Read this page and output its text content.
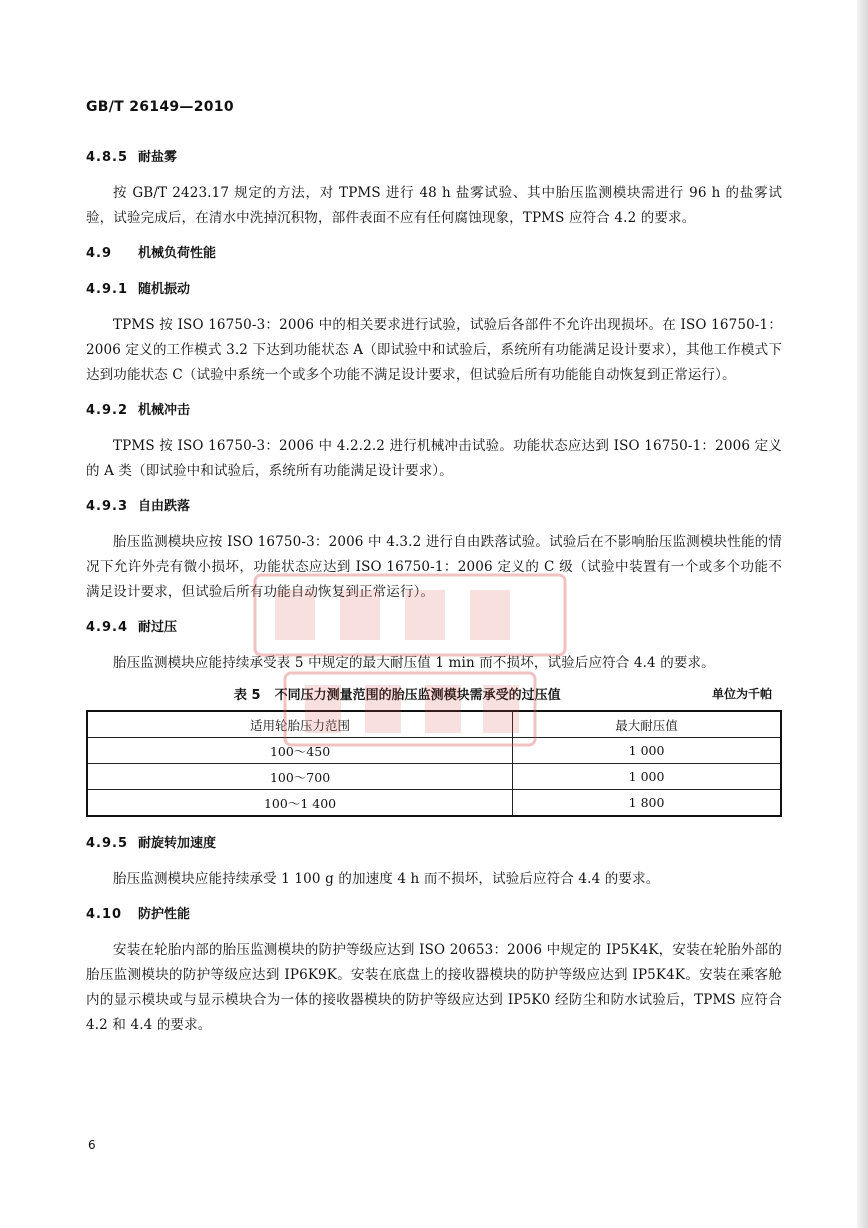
GB/T 26149—2010
4.8.5 耐盐雾

按 GB/T 2423.17 规定的方法，对 TPMS 进行 48 h 盐雾试验、其中胎压监测模块需进行 96 h 的盐雾试验，试验完成后，在清水中洗掉沉积物，部件表面不应有任何腐蚀现象，TPMS 应符合 4.2 的要求。

4.9 机械负荷性能
4.9.1 随机振动

TPMS 按 ISO 16750-3：2006 中的相关要求进行试验，试验后各部件不允许出现损坏。在 ISO 16750-1：2006 定义的工作模式 3.2 下达到功能状态 A（即试验中和试验后，系统所有功能满足设计要求），其他工作模式下达到功能状态 C（试验中系统一个或多个功能不满足设计要求，但试验后所有功能能自动恢复到正常运行）。

4.9.2 机械冲击

TPMS 按 ISO 16750-3：2006 中 4.2.2.2 进行机械冲击试验。功能状态应达到 ISO 16750-1：2006 定义的 A 类（即试验中和试验后，系统所有功能满足设计要求）。

4.9.3 自由跌落

胎压监测模块应按 ISO 16750-3：2006 中 4.3.2 进行自由跌落试验。试验后在不影响胎压监测模块性能的情况下允许外壳有微小损坏，功能状态应达到 ISO 16750-1：2006 定义的 C 级（试验中装置有一个或多个功能不满足设计要求，但试验后所有功能自动恢复到正常运行）。

4.9.4 耐过压

胎压监测模块应能持续承受表 5 中规定的最大耐压值 1 min 而不损坏，试验后应符合 4.4 的要求。

表 5 不同压力测量范围的胎压监测模块需承受的过压值	单位为千帕
适用轮胎压力范围	最大耐压值
100～450	1 000
100～700	1 000
100～1 400	1 800
4.9.5 耐旋转加速度

胎压监测模块应能持续承受 1 100 g 的加速度 4 h 而不损坏，试验后应符合 4.4 的要求。

4.10 防护性能

安装在轮胎内部的胎压监测模块的防护等级应达到 ISO 20653：2006 中规定的 IP5K4K，安装在轮胎外部的胎压监测模块的防护等级应达到 IP6K9K。安装在底盘上的接收器模块的防护等级应达到 IP5K4K。安装在乘客舱内的显示模块或与显示模块合为一体的接收器模块的防护等级应达到 IP5K0 经防尘和防水试验后，TPMS 应符合 4.2 和 4.4 的要求。

6
